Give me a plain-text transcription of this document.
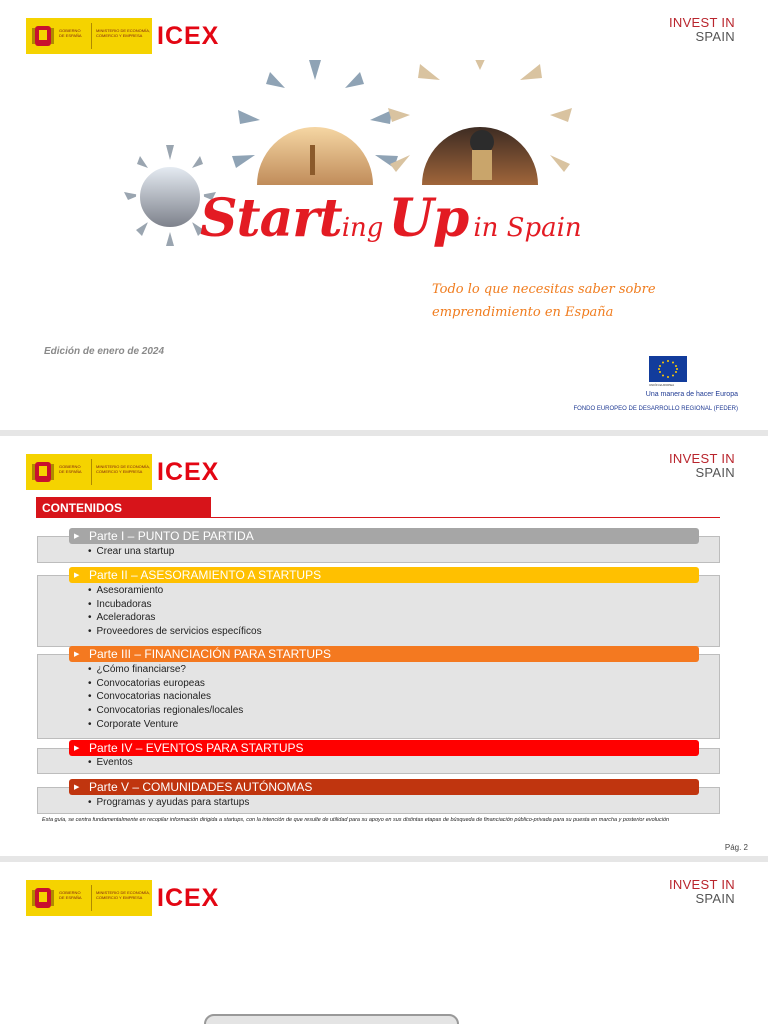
GOBIERNO DE ESPAÑA
MINISTERIO DE ECONOMÍA, COMERCIO Y EMPRESA ICEX	INVEST IN
SPAIN
Starting Up in Spain
Todo lo que necesitas saber sobre
emprendimiento en España
Edición de enero de 2024
UNIÓN EUROPEA
Una manera de hacer Europa
FONDO EUROPEO DE DESARROLLO REGIONAL (FEDER)
GOBIERNO DE ESPAÑA
MINISTERIO DE ECONOMÍA, COMERCIO Y EMPRESA ICEX	INVEST IN
SPAIN
CONTENIDOS
▶ Parte I – PUNTO DE PARTIDA
• Crear una startup
▶ Parte II – ASESORAMIENTO A STARTUPS
• Asesoramiento
• Incubadoras
• Aceleradoras
• Proveedores de servicios específicos
▶ Parte III – FINANCIACIÓN PARA STARTUPS
• ¿Cómo financiarse?
• Convocatorias europeas
• Convocatorias nacionales
• Convocatorias regionales/locales
• Corporate Venture
▶ Parte IV – EVENTOS PARA STARTUPS
• Eventos
▶ Parte V – COMUNIDADES AUTÓNOMAS
• Programas y ayudas para startups
Esta guía, se centra fundamentalmente en recopilar información dirigida a startups, con la intención de que resulte de utilidad para su apoyo en sus distintas etapas de búsqueda de financiación público-privada para su puesta en marcha y posterior evolución
Pág. 2
GOBIERNO DE ESPAÑA
MINISTERIO DE ECONOMÍA, COMERCIO Y EMPRESA ICEX	INVEST IN
SPAIN
